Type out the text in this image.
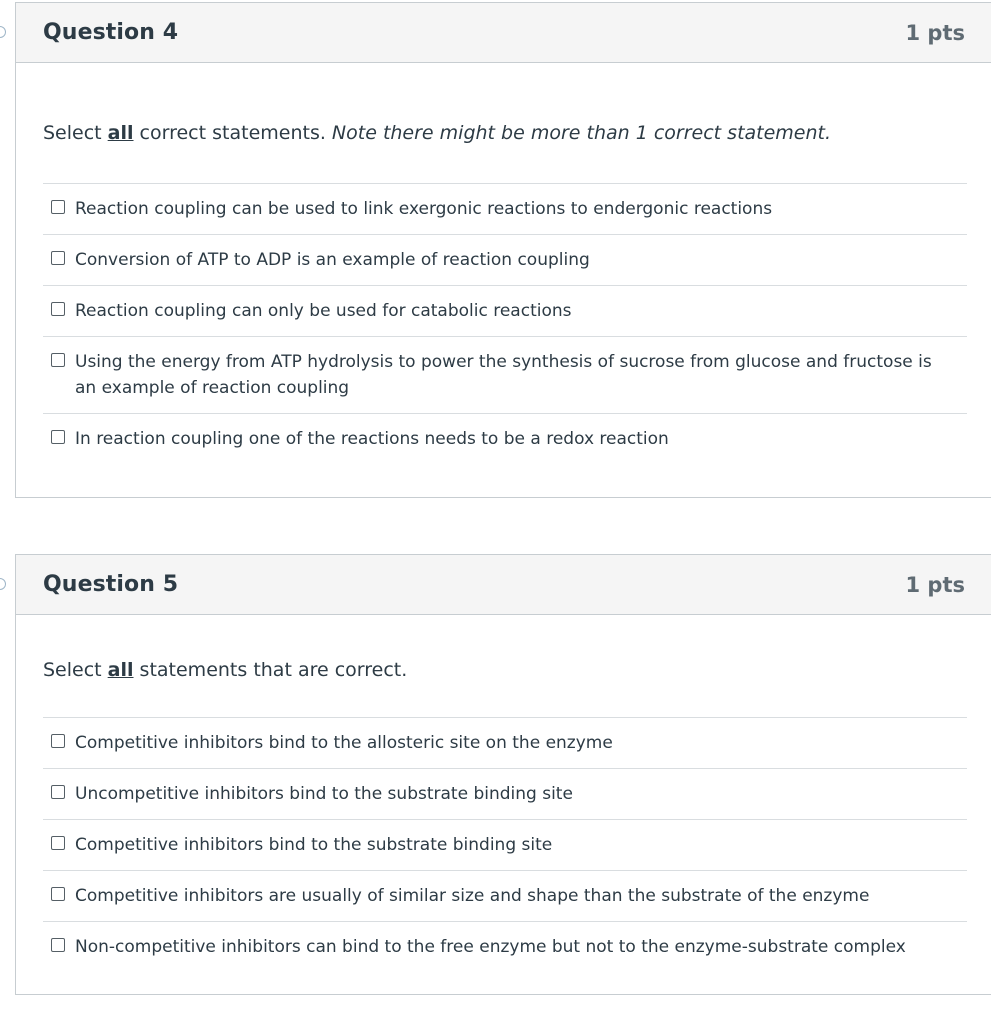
Question 4	1 pts

Select all correct statements. Note there might be more than 1 correct statement.

Reaction coupling can be used to link exergonic reactions to endergonic reactions
Conversion of ATP to ADP is an example of reaction coupling
Reaction coupling can only be used for catabolic reactions
Using the energy from ATP hydrolysis to power the synthesis of sucrose from glucose and fructose is an example of reaction coupling
In reaction coupling one of the reactions needs to be a redox reaction
Question 5	1 pts

Select all statements that are correct.

Competitive inhibitors bind to the allosteric site on the enzyme
Uncompetitive inhibitors bind to the substrate binding site
Competitive inhibitors bind to the substrate binding site
Competitive inhibitors are usually of similar size and shape than the substrate of the enzyme
Non-competitive inhibitors can bind to the free enzyme but not to the enzyme-substrate complex
